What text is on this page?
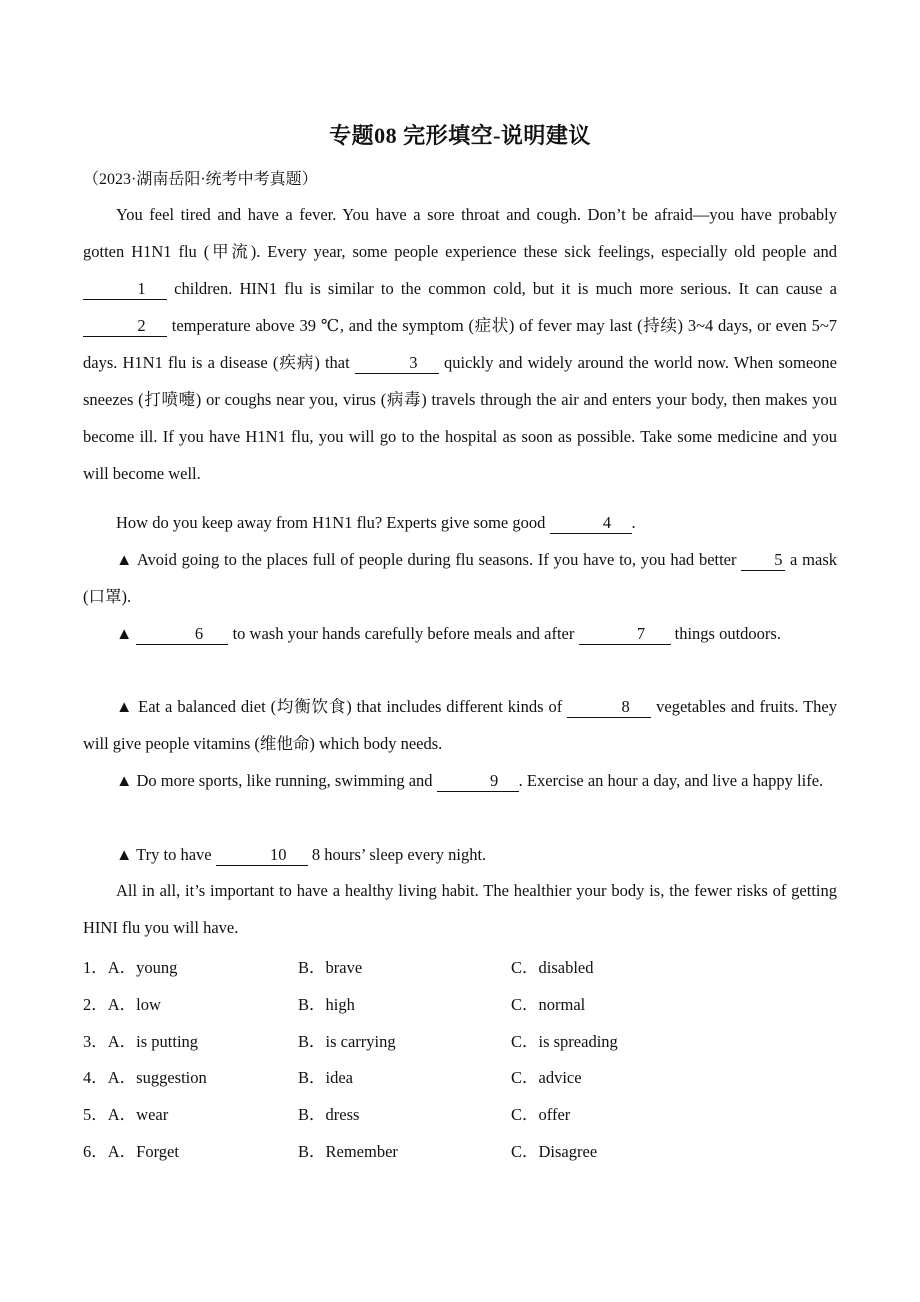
专题08 完形填空-说明建议
（2023·湖南岳阳·统考中考真题）
You feel tired and have a fever. You have a sore throat and cough. Don’t be afraid—you have probably gotten H1N1 flu (甲流). Every year, some people experience these sick feelings, especially old people and 1 children. HIN1 flu is similar to the common cold, but it is much more serious. It can cause a 2 temperature above 39 ℃, and the symptom (症状) of fever may last (持续) 3~4 days, or even 5~7 days. H1N1 flu is a disease (疾病) that	3 quickly and widely around the world now. When someone sneezes (打喷嚏) or coughs near you, virus (病毒) travels through the air and enters your body, then makes you become ill. If you have H1N1 flu, you will go to the hospital as soon as possible. Take some medicine and you will become well.
How do you keep away from H1N1 flu? Experts give some good	4 .
▲ Avoid going to the places full of people during flu seasons. If you have to, you had better 5 a mask (口罩).
▲	6 to wash your hands carefully before meals and after	7 things outdoors.
▲ Eat a balanced diet (均衡饮食) that includes different kinds of	8 vegetables and fruits. They will give people vitamins (维他命) which body needs.
▲ Do more sports, like running, swimming and	9 . Exercise an hour a day, and live a happy life.
▲ Try to have	10 8 hours’ sleep every night.
All in all, it’s important to have a healthy living habit. The healthier your body is, the fewer risks of getting HINI flu you will have.
1．A．young	B．brave	C．disabled
2．A．low	B．high	C．normal
3．A．is putting	B．is carrying	C．is spreading
4．A．suggestion	B．idea	C．advice
5．A．wear	B．dress	C．offer
6．A．Forget	B．Remember	C．Disagree
